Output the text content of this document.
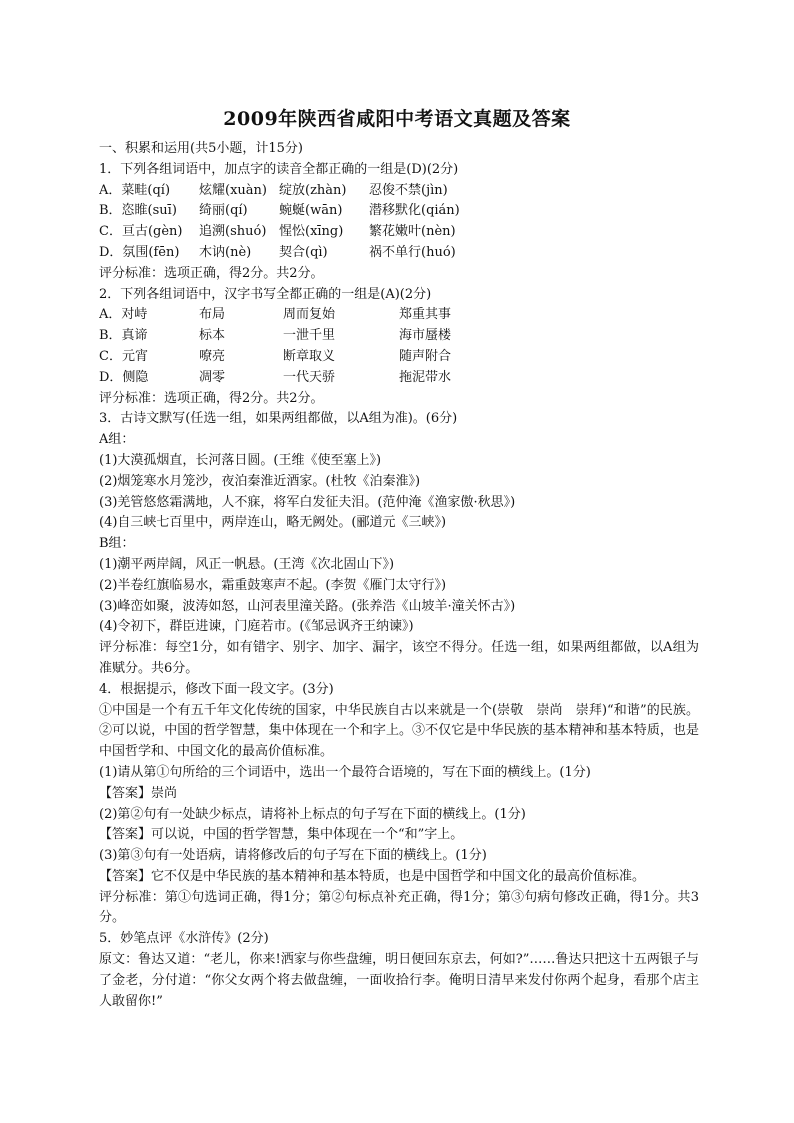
2009年陕西省咸阳中考语文真题及答案
一、积累和运用(共5小题，计15分)
1．下列各组词语中，加点字的读音全都正确的一组是(D)(2分)
A．菜畦(qí) 炫耀(xuàn) 绽放(zhàn) 忍俊不禁(jìn)
B．恣睢(suī) 绮丽(qí) 蜿蜒(wān) 潜移默化(qián)
C．亘古(gèn) 追溯(shuó) 惺忪(xīng) 繁花嫩叶(nèn)
D．氛围(fēn) 木讷(nè) 契合(qì)	祸不单行(huó)
评分标准：选项正确，得2分。共2分。
2．下列各组词语中，汉字书写全都正确的一组是(A)(2分)
A．对峙	布局	周而复始	郑重其事
B．真谛	标本	一泄千里	海市蜃楼
C．元宵	嘹亮	断章取义	随声附合
D．侧隐	凋零	一代天骄	拖泥带水
评分标准：选项正确，得2分。共2分。
3．古诗文默写(任选一组，如果两组都做，以A组为准)。(6分)
A组：
(1)大漠孤烟直，长河落日圆。(王维《使至塞上》)
(2)烟笼寒水月笼沙，夜泊秦淮近酒家。(杜牧《泊秦淮》)
(3)羌管悠悠霜满地，人不寐，将军白发征夫泪。(范仲淹《渔家傲·秋思》)
(4)自三峡七百里中，两岸连山，略无阙处。(郦道元《三峡》)
B组：
(1)潮平两岸阔，风正一帆悬。(王湾《次北固山下》)
(2)半卷红旗临易水，霜重鼓寒声不起。(李贺《雁门太守行》)
(3)峰峦如聚，波涛如怒，山河表里潼关路。(张养浩《山坡羊·潼关怀古》)
(4)令初下，群臣进谏，门庭若市。(《邹忌讽齐王纳谏》)
评分标准：每空1分，如有错字、别字、加字、漏字，该空不得分。任选一组，如果两组都做，以A组为准赋分。共6分。
4．根据提示，修改下面一段文字。(3分)
①中国是一个有五千年文化传统的国家，中华民族自古以来就是一个(崇敬　崇尚　崇拜)“和谐”的民族。②可以说，中国的哲学智慧，集中体现在一个和字上。③不仅它是中华民族的基本精神和基本特质，也是中国哲学和、中国文化的最高价值标准。
(1)请从第①句所给的三个词语中，选出一个最符合语境的，写在下面的横线上。(1分)
【答案】崇尚
(2)第②句有一处缺少标点，请将补上标点的句子写在下面的横线上。(1分)
【答案】可以说，中国的哲学智慧，集中体现在一个“和”字上。
(3)第③句有一处语病，请将修改后的句子写在下面的横线上。(1分)
【答案】它不仅是中华民族的基本精神和基本特质，也是中国哲学和中国文化的最高价值标准。
评分标准：第①句选词正确，得1分；第②句标点补充正确，得1分；第③句病句修改正确，得1分。共3分。
5．妙笔点评《水浒传》(2分)
原文：鲁达又道：“老儿，你来!洒家与你些盘缠，明日便回东京去，何如?”……鲁达只把这十五两银子与了金老，分付道：“你父女两个将去做盘缠，一面收拾行李。俺明日清早来发付你两个起身，看那个店主人敢留你!”
